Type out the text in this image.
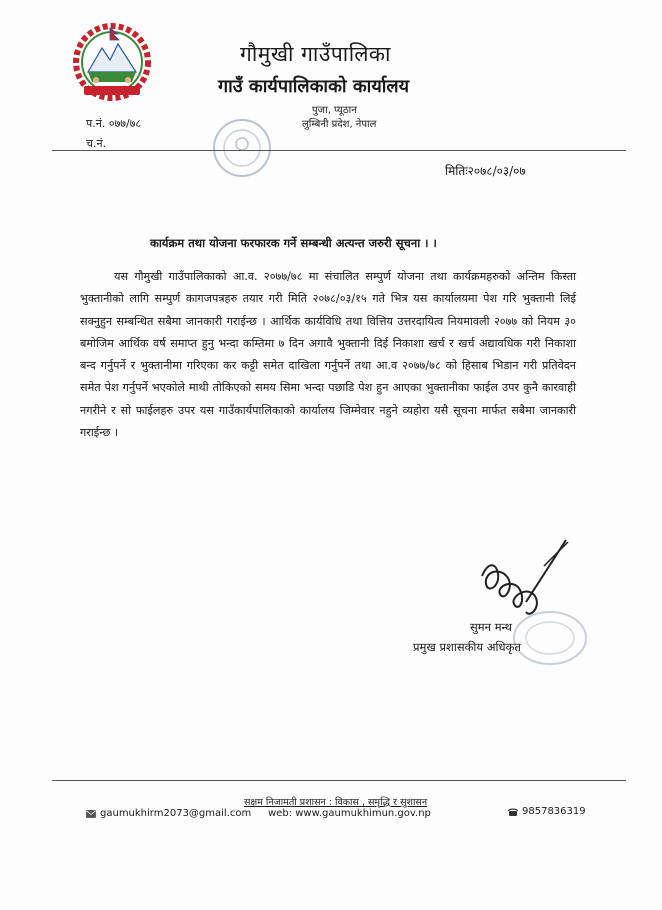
गौमुखी गाउँपालिका
गाउँ कार्यपालिकाको कार्यालय
पुजा, प्यूठान
लुम्बिनी प्रदेश, नेपाल
प.नं. ०७७/७८
च.नं.
मितिः२०७८/०३/०७
कार्यक्रम तथा योजना फरफारक गर्ने सम्बन्धी अत्यन्त जरुरी सूचना । ।

यस गौमुखी गाउँपालिकाको आ.व. २०७७/७८ मा संचालित सम्पुर्ण योजना तथा कार्यक्रमहरुको अन्तिम किस्ता भुक्तानीको लागि सम्पुर्ण कागजपत्रहरु तयार गरी मिति २०७८/०३/१५ गते भित्र यस कार्यालयमा पेश गरि भुक्तानी लिई सक्नुहुन सम्बन्धित सबैमा जानकारी गराईन्छ । आर्थिक कार्यविधि तथा वित्तिय उत्तरदायित्व नियमावली २०७७ को नियम ३० बमोजिम आर्थिक वर्ष समाप्त हुनु भन्दा कम्तिमा ७ दिन अगावै भुक्तानी दिई निकाशा खर्च र खर्च अद्यावधिक गरी निकाशा बन्द गर्नुपर्ने र भुक्तानीमा गरिएका कर कट्टी समेत दाखिला गर्नुपर्ने तथा आ.व २०७७/७८ को हिसाब भिडान गरी प्रतिवेदन समेत पेश गर्नुपर्ने भएकोले माथी तोकिएको समय सिमा भन्दा पछाडि पेश हुन आएका भुक्तानीका फाईल उपर कुनै कारवाही नगरीने र सो फाईलहरु उपर यस गाउँकार्यपालिकाको कार्यालय जिम्मेवार नहुने व्यहोरा यसै सूचना मार्फत सबैमा जानकारी गराईन्छ ।

सुमन मन्थ
प्रमुख प्रशासकीय अधिकृत
सक्षम निजामती प्रशासन : विकास , समृद्धि र सुशासन
gaumukhirm2073@gmail.com web: www.gaumukhimun.gov.np	9857836319
